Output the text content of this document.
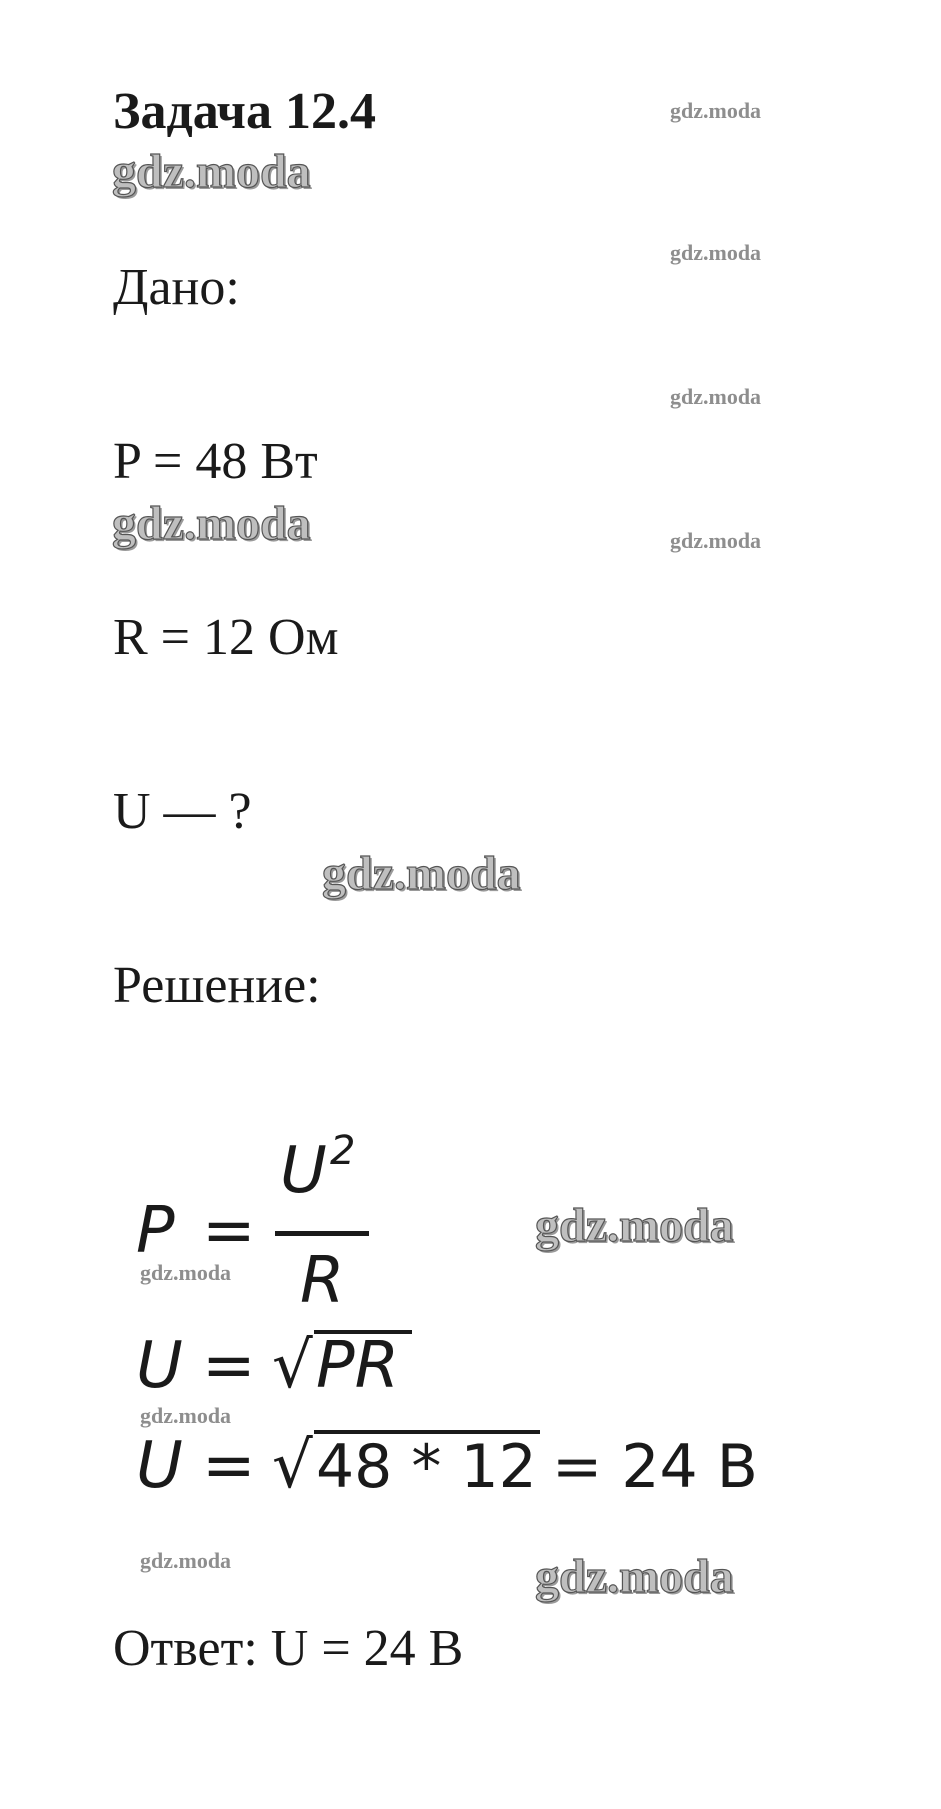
Задача 12.4
gdz.moda
gdz.moda
gdz.moda
gdz.moda
gdz.moda
gdz.moda
gdz.moda
gdz.moda
gdz.moda
gdz.moda
gdz.moda
gdz.moda
Дано:
P = 48 Вт
R = 12 Ом
U — ?
Решение:
P =
U 2
R
U = √ PR
U = √ 48 * 12 = 24 В
Ответ: U = 24 В
